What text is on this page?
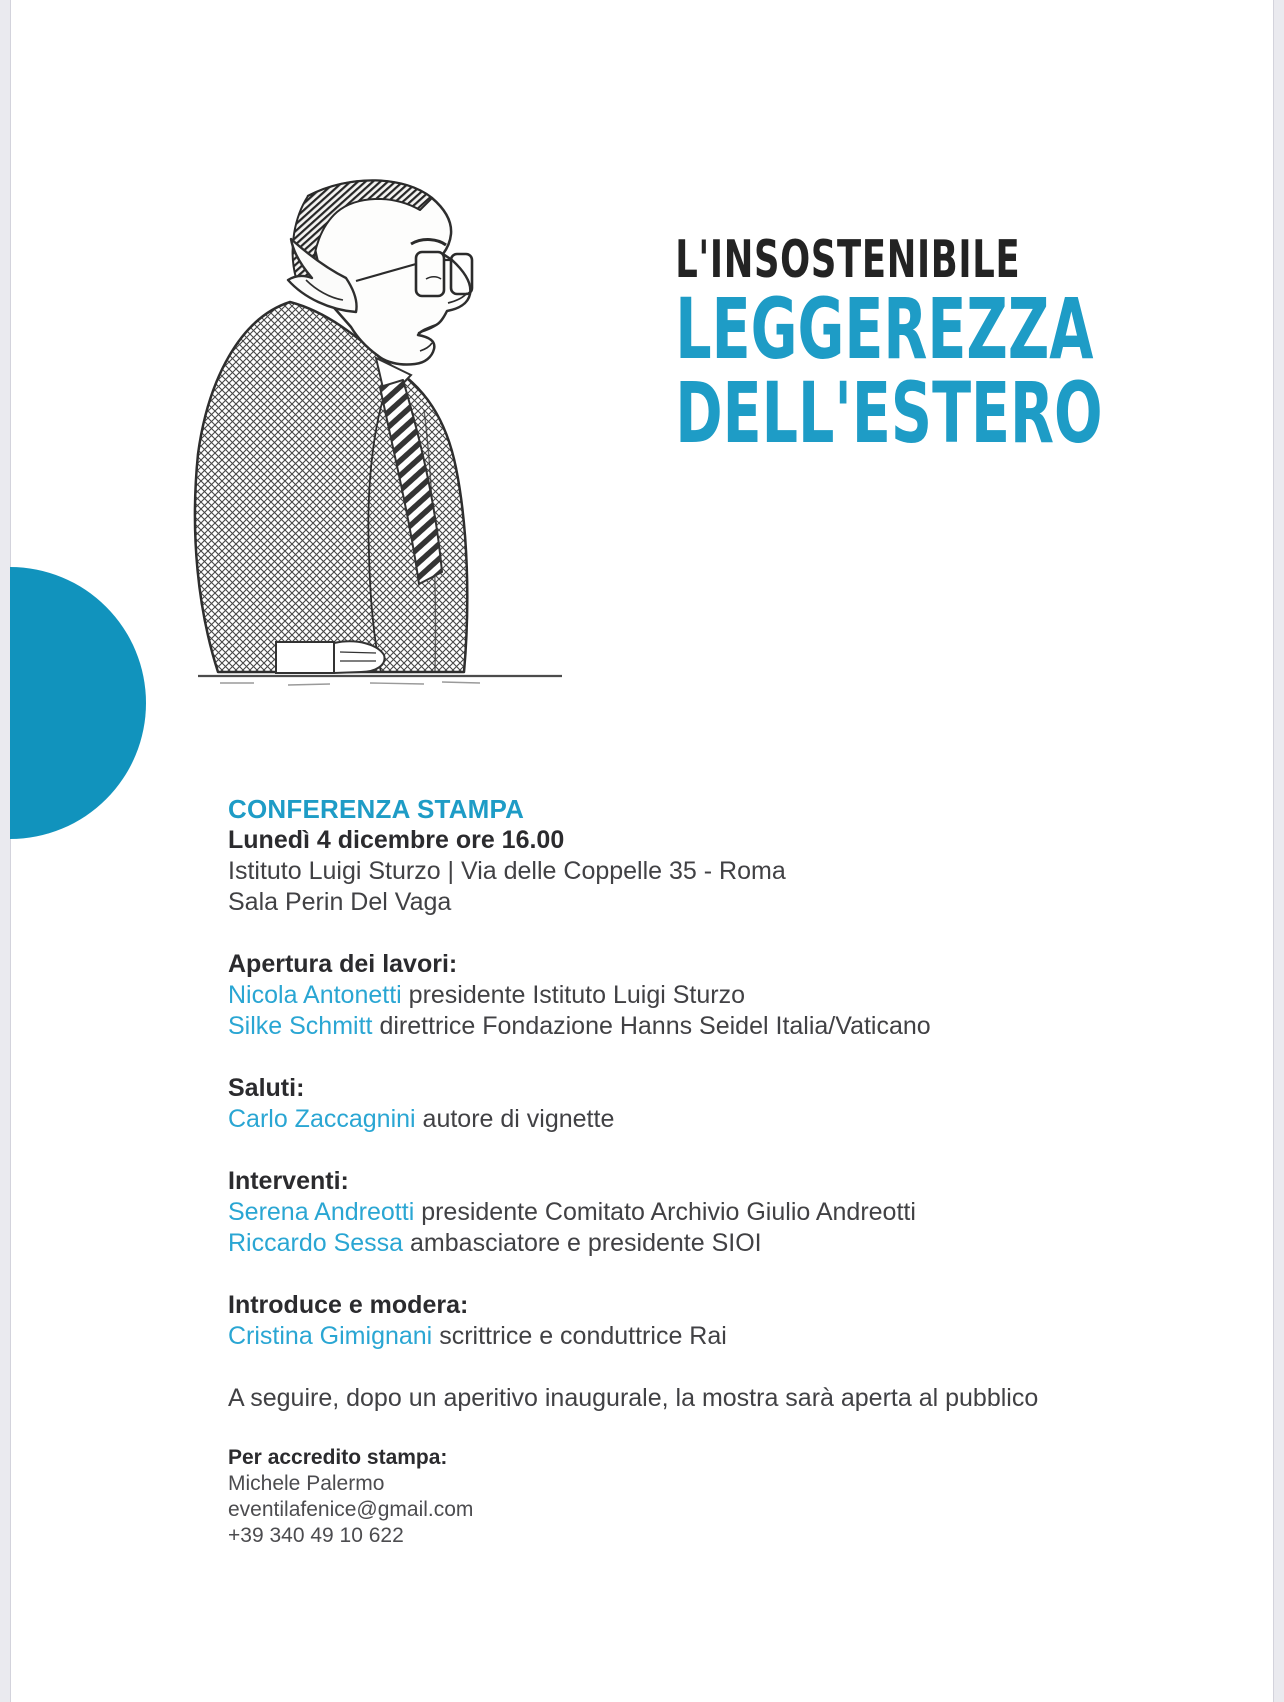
L'INSOSTENIBILE
LEGGEREZZA
DELL'ESTERO

CONFERENZA STAMPA

Lunedì 4 dicembre ore 16.00

Istituto Luigi Sturzo | Via delle Coppelle 35 - Roma

Sala Perin Del Vaga

Apertura dei lavori:

Nicola Antonetti presidente Istituto Luigi Sturzo

Silke Schmitt direttrice Fondazione Hanns Seidel Italia/Vaticano

Saluti:

Carlo Zaccagnini autore di vignette

Interventi:

Serena Andreotti presidente Comitato Archivio Giulio Andreotti

Riccardo Sessa ambasciatore e presidente SIOI

Introduce e modera:

Cristina Gimignani scrittrice e conduttrice Rai

A seguire, dopo un aperitivo inaugurale, la mostra sarà aperta al pubblico

Per accredito stampa:

Michele Palermo

eventilafenice@gmail.com

+39 340 49 10 622
